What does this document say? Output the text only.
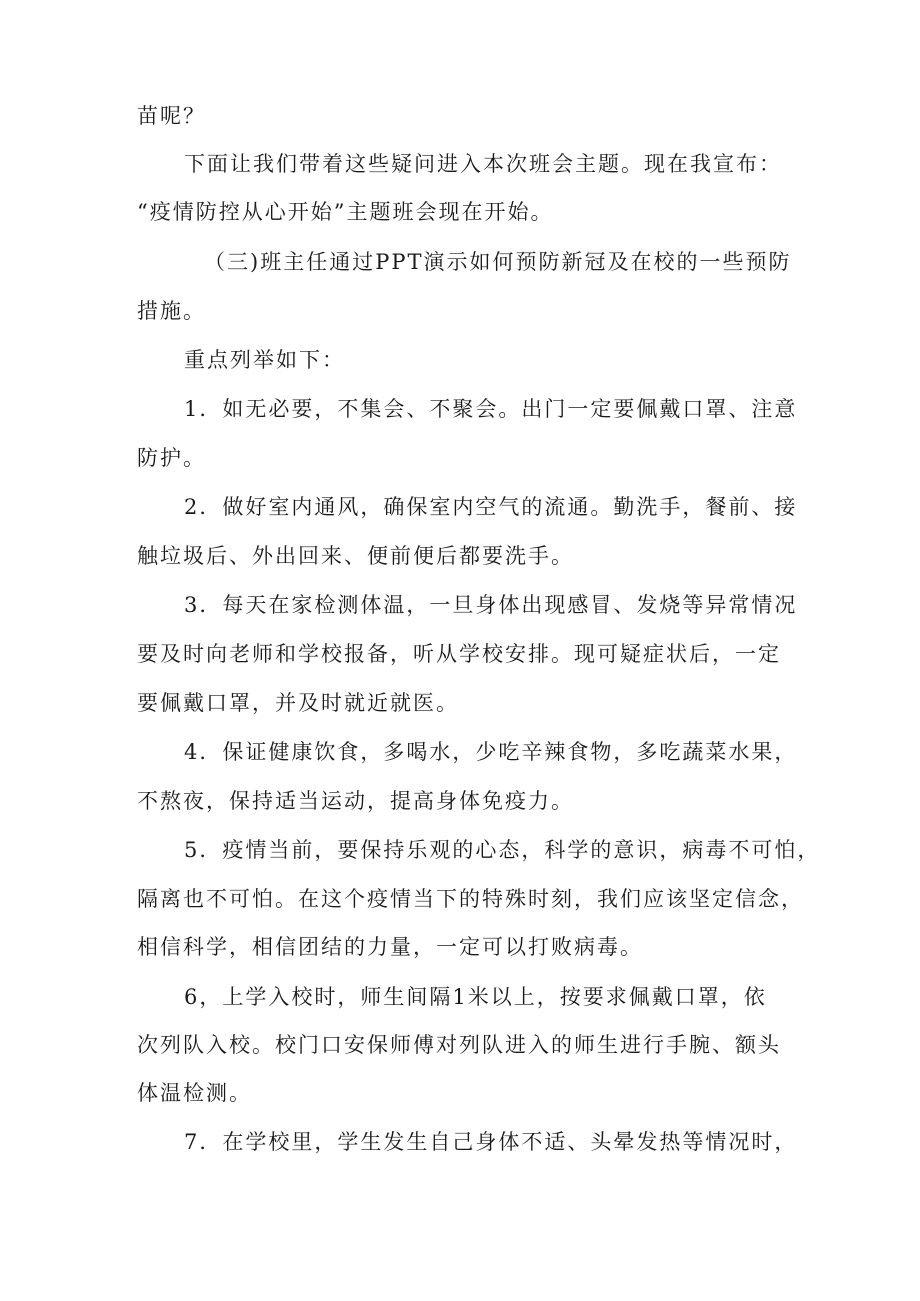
苗呢？

下面让我们带着这些疑问进入本次班会主题。现在我宣布：

“疫情防控从心开始”主题班会现在开始。

（三)班主任通过PPT演示如何预防新冠及在校的一些预防

措施。

重点列举如下：

1．如无必要，不集会、不聚会。出门一定要佩戴口罩、注意

防护。

2．做好室内通风，确保室内空气的流通。勤洗手，餐前、接

触垃圾后、外出回来、便前便后都要洗手。

3．每天在家检测体温，一旦身体出现感冒、发烧等异常情况

要及时向老师和学校报备，听从学校安排。现可疑症状后，一定

要佩戴口罩，并及时就近就医。

4．保证健康饮食，多喝水，少吃辛辣食物，多吃蔬菜水果，

不熬夜，保持适当运动，提高身体免疫力。

5．疫情当前，要保持乐观的心态，科学的意识，病毒不可怕，

隔离也不可怕。在这个疫情当下的特殊时刻，我们应该坚定信念，

相信科学，相信团结的力量，一定可以打败病毒。

6，上学入校时，师生间隔1米以上，按要求佩戴口罩，依

次列队入校。校门口安保师傅对列队进入的师生进行手腕、额头

体温检测。

7．在学校里，学生发生自己身体不适、头晕发热等情况时，
